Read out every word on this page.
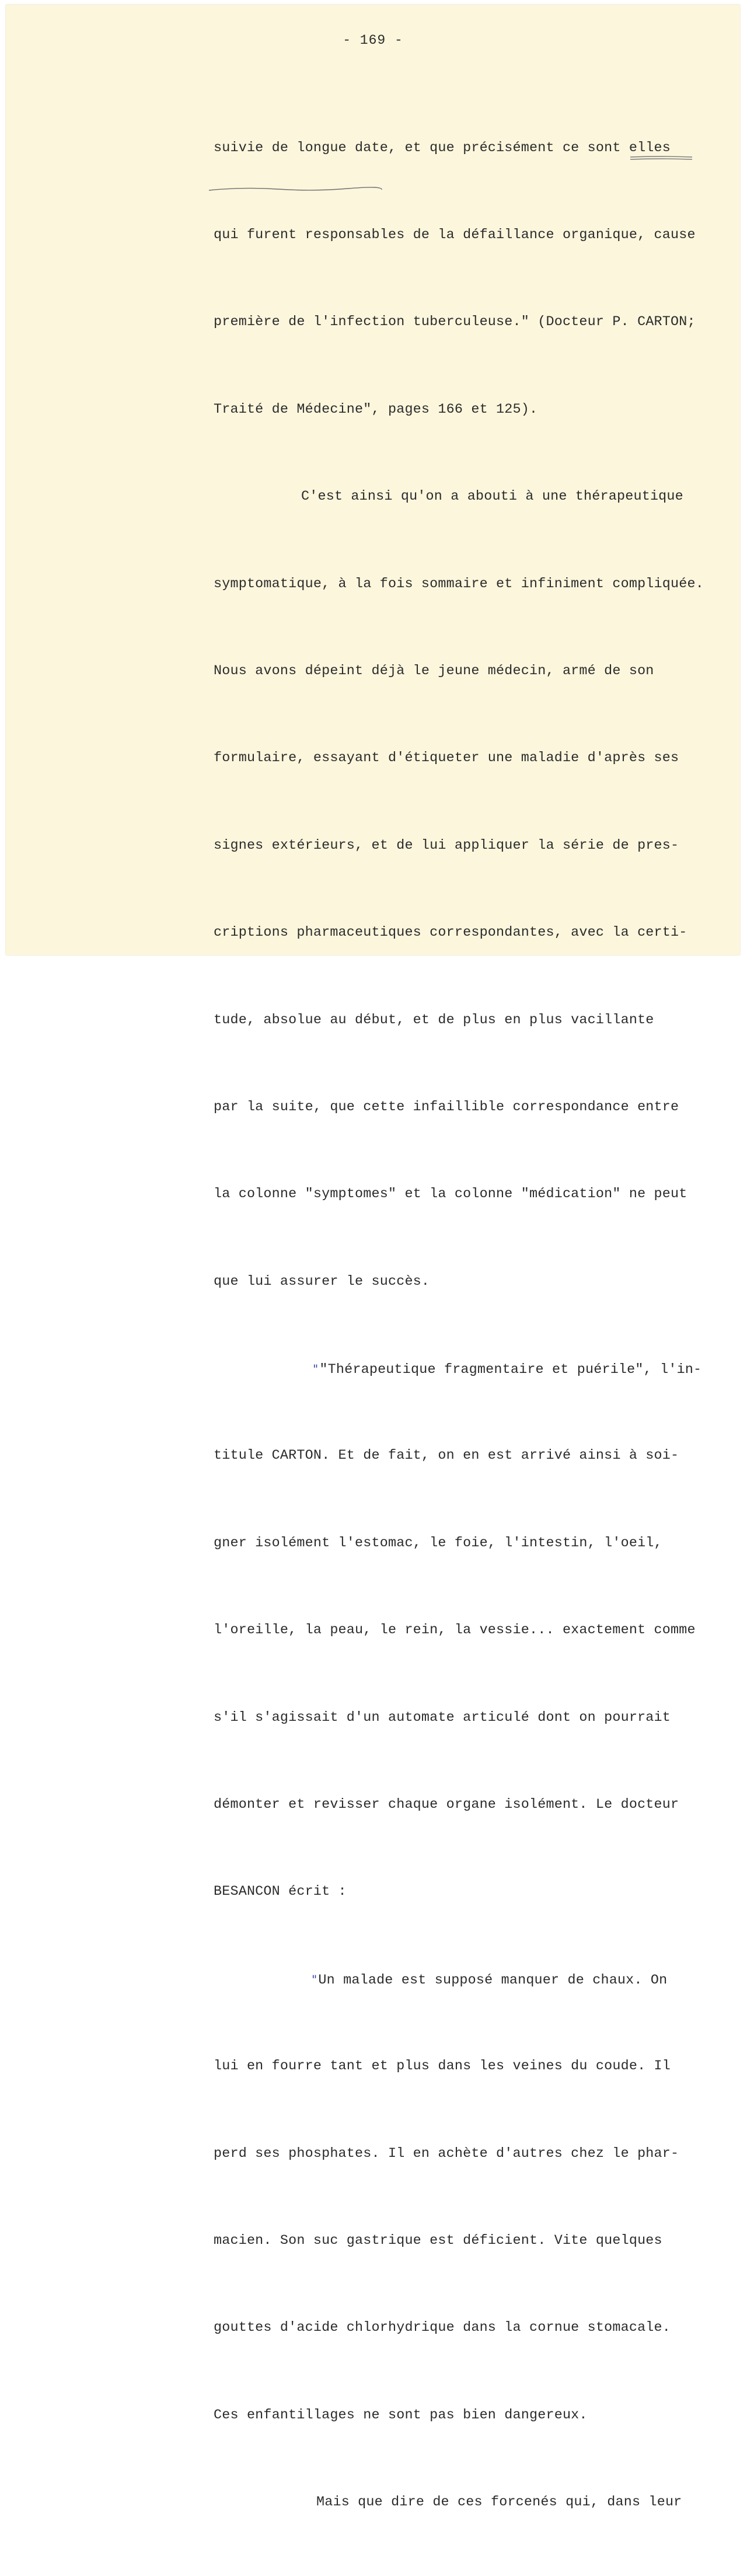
- 169 -

suivie de longue date, et que précisément ce sont elles

qui furent responsables de la défaillance organique, cause

première de l'infection tuberculeuse." (Docteur P. CARTON;

Traité de Médecine", pages 166 et 125).

C'est ainsi qu'on a abouti à une thérapeutique

symptomatique, à la fois sommaire et infiniment compliquée.

Nous avons dépeint déjà le jeune médecin, armé de son

formulaire, essayant d'étiqueter une maladie d'après ses

signes extérieurs, et de lui appliquer la série de pres-

criptions pharmaceutiques correspondantes, avec la certi-

tude, absolue au début, et de plus en plus vacillante

par la suite, que cette infaillible correspondance entre

la colonne "symptomes" et la colonne "médication" ne peut

que lui assurer le succès.

""Thérapeutique fragmentaire et puérile", l'in-

titule CARTON. Et de fait, on en est arrivé ainsi à soi-

gner isolément l'estomac, le foie, l'intestin, l'oeil,

l'oreille, la peau, le rein, la vessie... exactement comme

s'il s'agissait d'un automate articulé dont on pourrait

démonter et revisser chaque organe isolément. Le docteur

BESANCON écrit :

"Un malade est supposé manquer de chaux. On

lui en fourre tant et plus dans les veines du coude. Il

perd ses phosphates. Il en achète d'autres chez le phar-

macien. Son suc gastrique est déficient. Vite quelques

gouttes d'acide chlorhydrique dans la cornue stomacale.

Ces enfantillages ne sont pas bien dangereux.

Mais que dire de ces forcenés qui, dans leur
